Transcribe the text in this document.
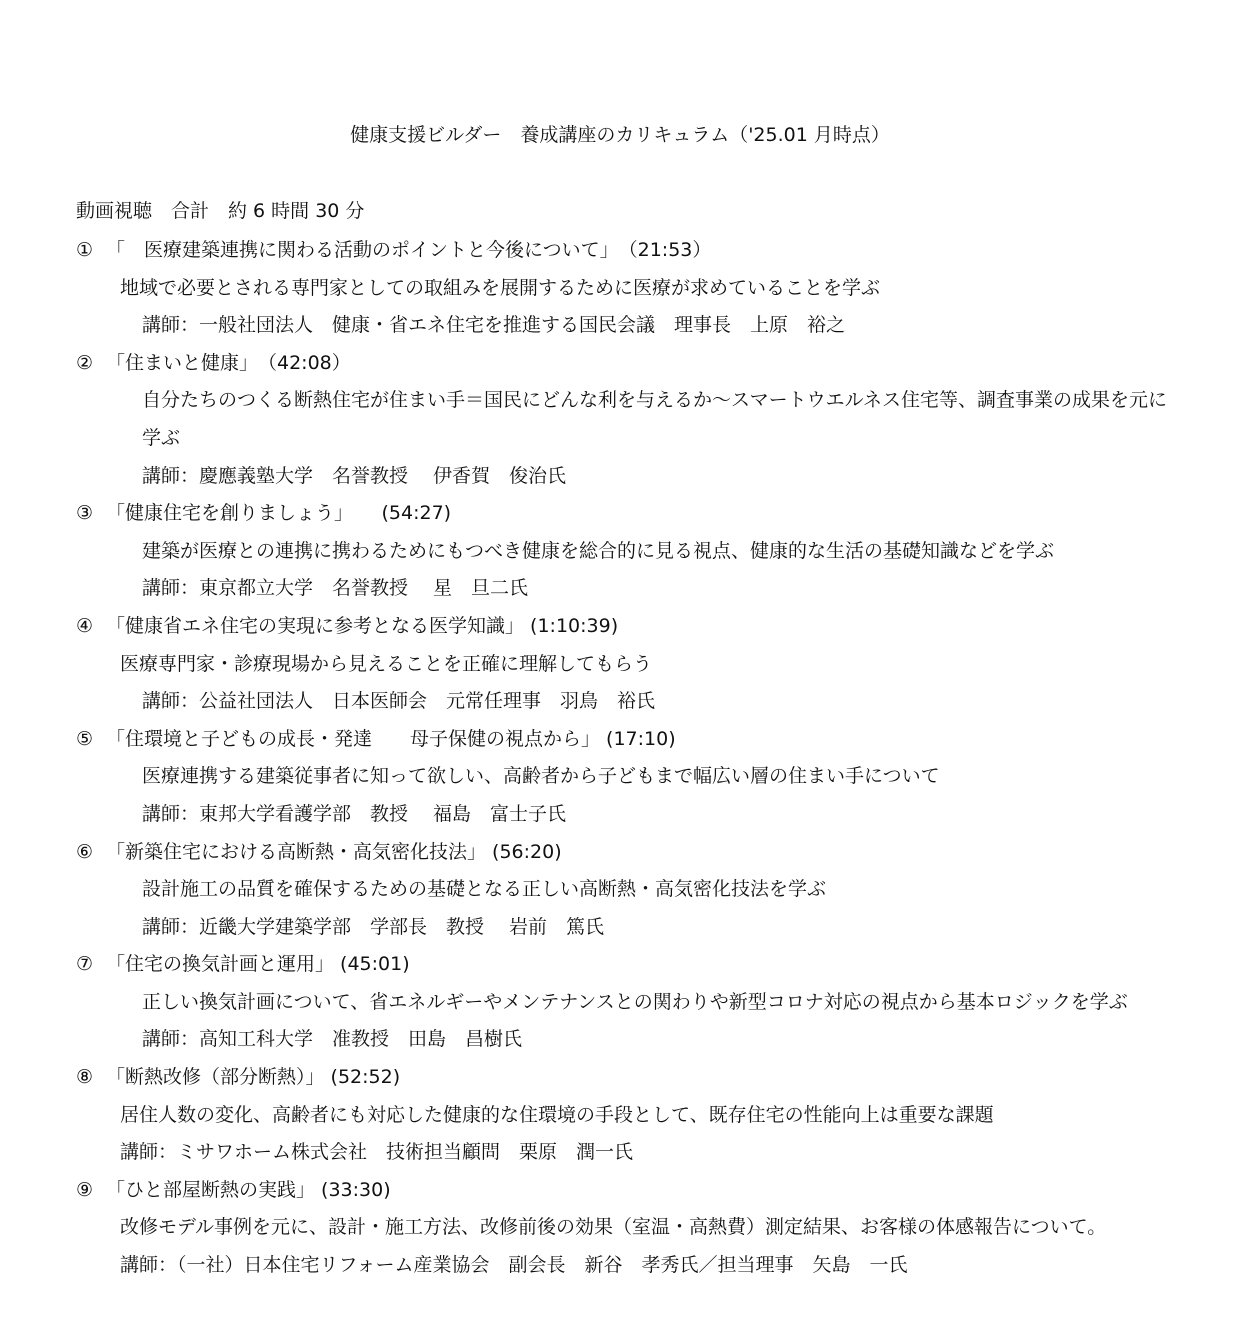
健康支援ビルダー　養成講座のカリキュラム（'25.01 月時点）
動画視聴　合計　約 6 時間 30 分
① 「　医療建築連携に関わる活動のポイントと今後について」　（21:53）
地域で必要とされる専門家としての取組みを展開するために医療が求めていることを学ぶ
講師：一般社団法人　健康・省エネ住宅を推進する国民会議　理事長　上原　裕之
② 「住まいと健康」　（42:08）
自分たちのつくる断熱住宅が住まい手＝国民にどんな利を与えるか～スマートウエルネス住宅等、調査事業の成果を元に学ぶ
講師：慶應義塾大学　名誉教授　 伊香賀　俊治氏
③ 「健康住宅を創りましょう」　　(54:27)
建築が医療との連携に携わるためにもつべき健康を総合的に見る視点、健康的な生活の基礎知識などを学ぶ
講師：東京都立大学　名誉教授　 星　旦二氏
④ 「健康省エネ住宅の実現に参考となる医学知識」 (1:10:39)
医療専門家・診療現場から見えることを正確に理解してもらう
講師：公益社団法人　日本医師会　元常任理事　羽鳥　裕氏
⑤ 「住環境と子どもの成長・発達　　母子保健の視点から」 (17:10)
医療連携する建築従事者に知って欲しい、高齢者から子どもまで幅広い層の住まい手について
講師：東邦大学看護学部　教授　 福島　富士子氏
⑥ 「新築住宅における高断熱・高気密化技法」 (56:20)
設計施工の品質を確保するための基礎となる正しい高断熱・高気密化技法を学ぶ
講師：近畿大学建築学部　学部長　教授　 岩前　篤氏
⑦ 「住宅の換気計画と運用」 (45:01)
正しい換気計画について、省エネルギーやメンテナンスとの関わりや新型コロナ対応の視点から基本ロジックを学ぶ
講師：高知工科大学　准教授　田島　昌樹氏
⑧ 「断熱改修（部分断熱）」 (52:52)
居住人数の変化、高齢者にも対応した健康的な住環境の手段として、既存住宅の性能向上は重要な課題
講師：ミサワホーム株式会社　技術担当顧問　栗原　潤一氏
⑨ 「ひと部屋断熱の実践」 (33:30)
改修モデル事例を元に、設計・施工方法、改修前後の効果（室温・高熱費）測定結果、お客様の体感報告について。
講師：（一社）日本住宅リフォーム産業協会　副会長　新谷　孝秀氏／担当理事　矢島　一氏
